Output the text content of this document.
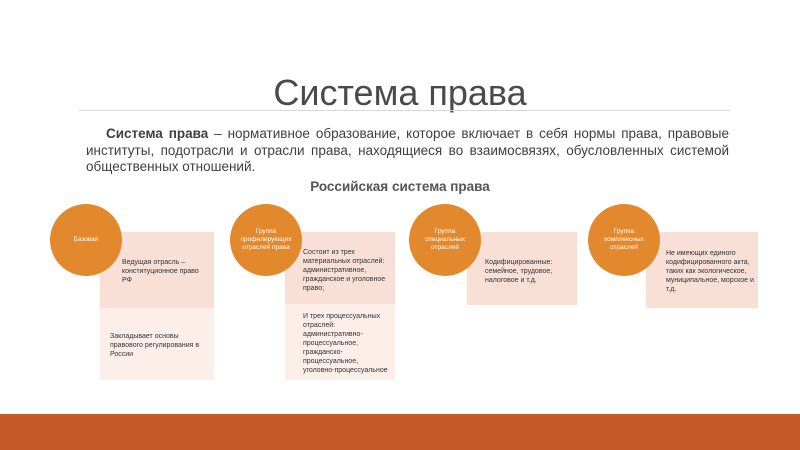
Система права
Система права – нормативное образование, которое включает в себя нормы права, правовые институты, подотрасли и отрасли права, находящиеся во взаимосвязях, обусловленных системой общественных отношений.
Российская система права
Ведущая отрасль – конституционное право РФ
Закладывает основы правового регулирования в России
Базовая
Состоит из трех материальных отраслей: административное, гражданское и уголовное право;
И трех процессуальных отраслей: административно-процессуальное, гражданско-процессуальное, уголовно-процессуальное
Группа профилирующих отраслей права
Кодифицированные: семейное, трудовое, налоговое и т.д.
Группа специальных отраслей
Не имеющих единого кодифицированного акта, таких как экологическое, муниципальное, морское и т.д.
Группа комплексных отраслей
